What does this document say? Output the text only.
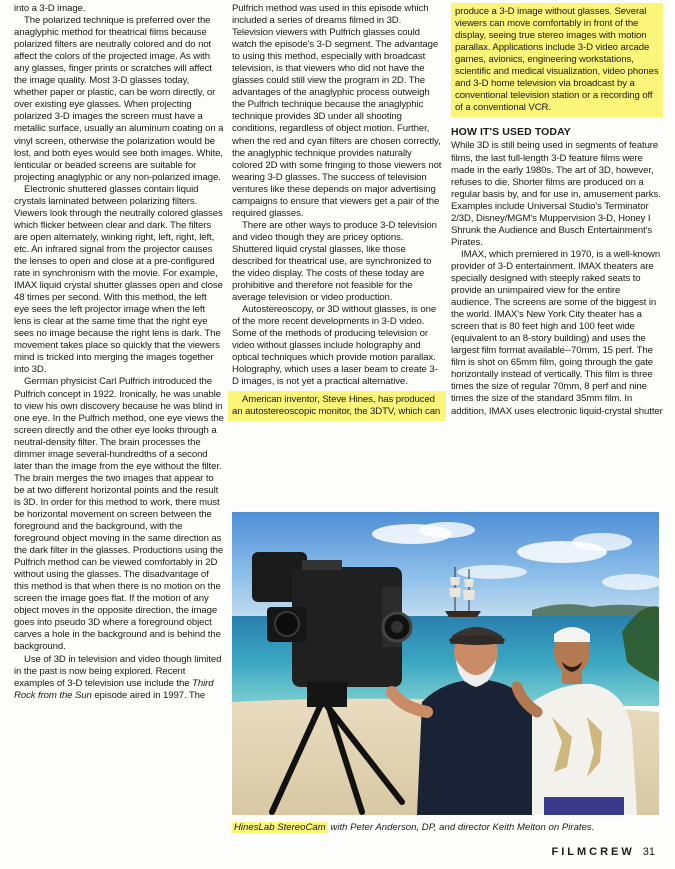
into a 3-D image.

The polarized technique is preferred over the anaglyphic method for theatrical films because polarized filters are neutrally colored and do not affect the colors of the projected image. As with any glasses, finger prints or scratches will affect the image quality. Most 3-D glasses today, whether paper or plastic, can be worn directly, or over existing eye glasses. When projecting polarized 3-D images the screen must have a metallic surface, usually an aluminum coating on a vinyl screen, otherwise the polarization would be lost, and both eyes would see both images. White, lenticular or beaded screens are suitable for projecting anaglyphic or any non-polarized image.

Electronic shuttered glasses contain liquid crystals laminated between polarizing filters. Viewers look through the neutrally colored glasses which flicker between clear and dark. The filters are open alternately, winking right, left, right, left, etc. An infrared signal from the projector causes the lenses to open and close at a pre-configured rate in synchronism with the movie. For example, IMAX liquid crystal shutter glasses open and close 48 times per second. With this method, the left eye sees the left projector image when the left lens is clear at the same time that the right eye sees no image because the right lens is dark. The movement takes place so quickly that the viewers mind is tricked into merging the images together into 3D.

German physicist Carl Pulfrich introduced the Pulfrich concept in 1922. Ironically, he was unable to view his own discovery because he was blind in one eye. In the Pulfrich method, one eye views the screen directly and the other eye looks through a neutral-density filter. The brain processes the dimmer image several-hundredths of a second later than the image from the eye without the filter. The brain merges the two images that appear to be at two different horizontal points and the result is 3D. In order for this method to work, there must be horizontal movement on screen between the foreground and the background, with the foreground object moving in the same direction as the dark filter in the glasses. Productions using the Pulfrich method can be viewed comfortably in 2D without using the glasses. The disadvantage of this method is that when there is no motion on the screen the image goes flat. If the motion of any object moves in the opposite direction, the image goes into pseudo 3D where a foreground object carves a hole in the background and is behind the background.

Use of 3D in television and video though limited in the past is now being explored. Recent examples of 3-D television use include the Third Rock from the Sun episode aired in 1997. The

Pulfrich method was used in this episode which included a series of dreams filmed in 3D. Television viewers with Pulfrich glasses could watch the episode's 3-D segment. The advantage to using this method, especially with broadcast television, is that viewers who did not have the glasses could still view the program in 2D. The advantages of the anaglyphic process outweigh the Pulfrich technique because the anaglyphic technique provides 3D under all shooting conditions, regardless of object motion. Further, when the red and cyan filters are chosen correctly, the anaglyphic technique provides naturally colored 2D with some fringing to those viewers not wearing 3-D glasses. The success of television ventures like these depends on major advertising campaigns to ensure that viewers get a pair of the required glasses.

There are other ways to produce 3-D television and video though they are pricey options. Shuttered liquid crystal glasses, like those described for theatrical use, are synchronized to the video display. The costs of these today are prohibitive and therefore not feasible for the average television or video production.

Autostereoscopy, or 3D without glasses, is one of the more recent developments in 3-D video. Some of the methods of producing television or video without glasses include holography and optical techniques which provide motion parallax. Holography, which uses a laser beam to create 3-D images, is not yet a practical alternative.

American inventor, Steve Hines, has produced an autostereoscopic monitor, the 3DTV, which can

produce a 3-D image without glasses. Several viewers can move comfortably in front of the display, seeing true stereo images with motion parallax. Applications include 3-D video arcade games, avionics, engineering workstations, scientific and medical visualization, video phones and 3-D home television via broadcast by a conventional television station or a recording off of a conventional VCR.

HOW IT'S USED TODAY

While 3D is still being used in segments of feature films, the last full-length 3-D feature films were made in the early 1980s. The art of 3D, however, refuses to die. Shorter films are produced on a regular basis by, and for use in, amusement parks. Examples include Universal Studio's Terminator 2/3D, Disney/MGM's Muppervision 3-D, Honey I Shrunk the Audience and Busch Entertainment's Pirates.

IMAX, which premiered in 1970, is a well-known provider of 3-D entertainment. IMAX theaters are specially designed with steeply raked seats to provide an unimpaired view for the entire audience. The screens are some of the biggest in the world. IMAX's New York City theater has a screen that is 80 feet high and 100 feet wide (equivalent to an 8-story building) and uses the largest film format available--70mm, 15 perf. The film is shot on 65mm film, going through the gate horizontally instead of vertically. This film is three times the size of regular 70mm, 8 perf and nine times the size of the standard 35mm film. In addition, IMAX uses electronic liquid-crystal shutter

HinesLab StereoCam with Peter Anderson, DP, and director Keith Melton on Pirates.
FILMCREW 31
